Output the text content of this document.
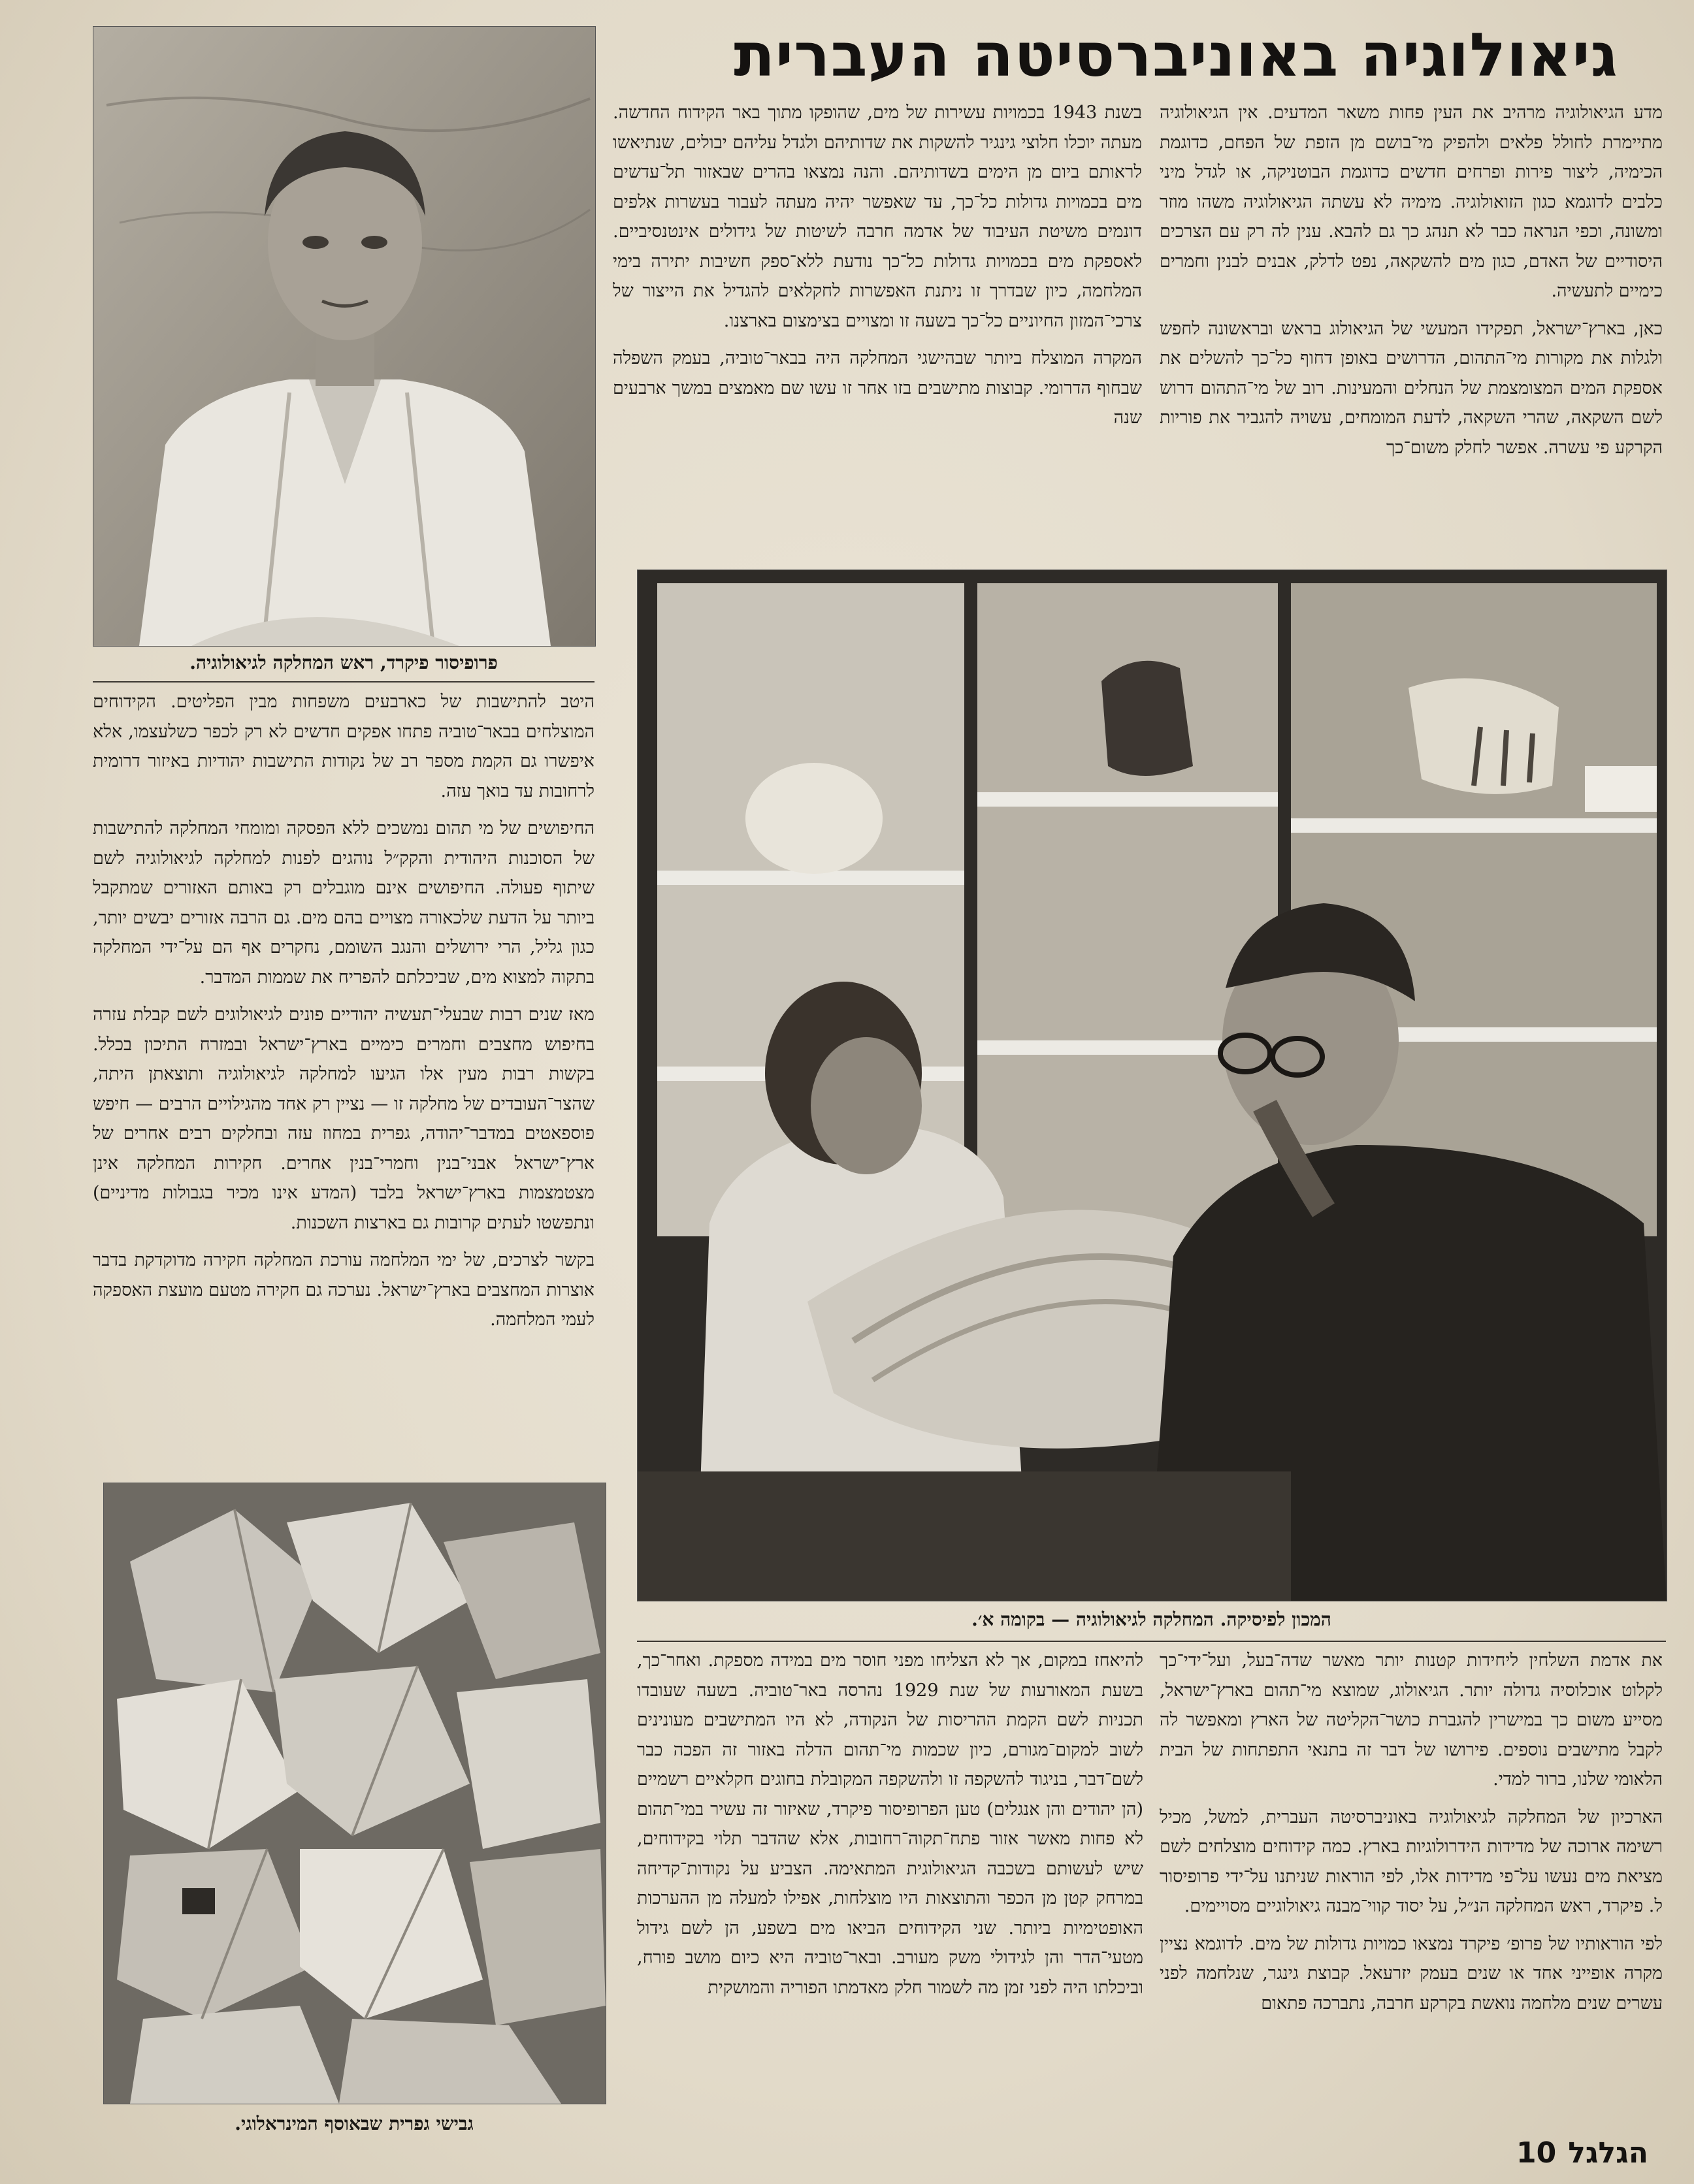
גיאולוגיה באוניברסיטה העברית

מדע הגיאולוגיה מרהיב את העין פחות משאר המדעים. אין הגיאולוגיה מתיימרת לחולל פלאים ולהפיק מי־בושם מן הזפת של הפחם, כדוגמת הכימיה, ליצור פירות ופרחים חדשים כדוגמת הבוטניקה, או לגדל מיני כלבים לדוגמא כגון הזואולוגיה. מימיה לא עשתה הגיאולוגיה משהו מוזר ומשונה, וכפי הנראה כבר לא תנהג כך גם להבא. ענין לה רק עם הצרכים היסודיים של האדם, כגון מים להשקאה, נפט לדלק, אבנים לבנין וחמרים כימיים לתעשיה.

כאן, בארץ־ישראל, תפקידו המעשי של הגיאולוג בראש ובראשונה לחפש ולגלות את מקורות מי־התהום, הדרושים באופן דחוף כל־כך להשלים את אספקת המים המצומצמת של הנחלים והמעינות. רוב של מי־התהום דרוש לשם השקאה, שהרי השקאה, לדעת המומחים, עשויה להגביר את פוריות הקרקע פי עשרה. אפשר לחלק משום־כך

בשנת 1943 בכמויות עשירות של מים, שהופקו מתוך באר הקידוח החדשה. מעתה יוכלו חלוצי גינגיר להשקות את שדותיהם ולגדל עליהם יבולים, שנתיאשו לראותם ביום מן הימים בשדותיהם. והנה נמצאו בהרים שבאזור תל־עדשים מים בכמויות גדולות כל־כך, עד שאפשר יהיה מעתה לעבור בעשרות אלפים דונמים משיטת העיבוד של אדמה חרבה לשיטות של גידולים אינטנסיביים. לאספקת מים בכמויות גדולות כל־כך נודעת ללא־ספק חשיבות יתירה בימי המלחמה, כיון שבדרך זו ניתנת האפשרות לחקלאים להגדיל את הייצור של צרכי־המזון החיוניים כל־כך בשעה זו ומצויים בצימצום בארצנו.

המקרה המוצלח ביותר שבהישגי המחלקה היה בבאר־טוביה, בעמק השפלה שבחוף הדרומי. קבוצות מתישבים בזו אחר זו עשו שם מאמצים במשך ארבעים שנה

פרופיסור פיקרד, ראש המחלקה לגיאולוגיה.

היטב להתישבות של כארבעים משפחות מבין הפליטים. הקידוחים המוצלחים בבאר־טוביה פתחו אפקים חדשים לא רק לכפר כשלעצמו, אלא איפשרו גם הקמת מספר רב של נקודות התישבות יהודיות באיזור דרומית לרחובות עד בואך עזה.

החיפושים של מי תהום נמשכים ללא הפסקה ומומחי המחלקה להתישבות של הסוכנות היהודית והקק״ל נוהגים לפנות למחלקה לגיאולוגיה לשם שיתוף פעולה. החיפושים אינם מוגבלים רק באותם האזורים שמתקבל ביותר על הדעת שלכאורה מצויים בהם מים. גם הרבה אזורים יבשים יותר, כגון גליל, הרי ירושלים והנגב השומם, נחקרים אף הם על־ידי המחלקה בתקוה למצוא מים, שביכלתם להפריח את שממות המדבר.

מאז שנים רבות שבעלי־תעשיה יהודיים פונים לגיאולוגים לשם קבלת עזרה בחיפוש מחצבים וחמרים כימיים בארץ־ישראל ובמזרח התיכון בכלל. בקשות רבות מעין אלו הגיעו למחלקה לגיאולוגיה ותוצאתן היתה, שהצר־העובדים של מחלקה זו — נציין רק אחד מהגילויים הרבים — חיפש פוספאטים במדבר־יהודה, גפרית במחוז עזה ובחלקים רבים אחרים של ארץ־ישראל אבני־בנין וחמרי־בנין אחרים. חקירות המחלקה אינן מצטמצמות בארץ־ישראל בלבד (המדע אינו מכיר בגבולות מדיניים) ונתפשטו לעתים קרובות גם בארצות השכנות.

בקשר לצרכים, של ימי המלחמה עורכת המחלקה חקירה מדוקדקת בדבר אוצרות המחצבים בארץ־ישראל. נערכה גם חקירה מטעם מועצת האספקה לעמי המלחמה.

המכון לפיסיקה. המחלקה לגיאולוגיה — בקומה א׳.

את אדמת השלחין ליחידות קטנות יותר מאשר שדה־בעל, ועל־ידי־כך לקלוט אוכלוסיה גדולה יותר. הגיאולוג, שמוצא מי־תהום בארץ־ישראל, מסייע משום כך במישרין להגברת כושר־הקליטה של הארץ ומאפשר לה לקבל מתישבים נוספים. פירושו של דבר זה בתנאי התפתחות של הבית הלאומי שלנו, ברור למדי.

הארכיון של המחלקה לגיאולוגיה באוניברסיטה העברית, למשל, מכיל רשימה ארוכה של מדידות הידרולוגיות בארץ. כמה קידוחים מוצלחים לשם מציאת מים נעשו על־פי מדידות אלו, לפי הוראות שניתנו על־ידי פרופיסור ל. פיקרד, ראש המחלקה הנ״ל, על יסוד קווי־מבנה גיאולוגיים מסויימים.

לפי הוראותיו של פרופ׳ פיקרד נמצאו כמויות גדולות של מים. לדוגמא נציין מקרה אופייני אחד או שנים בעמק יזרעאל. קבוצת גינגר, שנלחמה לפני עשרים שנים מלחמה נואשת בקרקע חרבה, נתברכה פתאום

להיאחז במקום, אך לא הצליחו מפני חוסר מים במידה מספקת. ואחר־כך, בשעת המאורעות של שנת 1929 נהרסה באר־טוביה. בשעה שעובדו תכניות לשם הקמת ההריסות של הנקודה, לא היו המתישבים מעונינים לשוב למקום־מגורם, כיון שכמות מי־תהום הדלה באזור זה הפכה כבר לשם־דבר, בניגוד להשקפה זו ולהשקפה המקובלת בחוגים חקלאיים רשמיים (הן יהודים והן אנגלים) טען הפרופיסור פיקרד, שאיזור זה עשיר במי־תהום לא פחות מאשר אזור פתח־תקוה־רחובות, אלא שהדבר תלוי בקידוחים, שיש לעשותם בשכבה הגיאולוגית המתאימה. הצביע על נקודות־קדיחה במרחק קטן מן הכפר והתוצאות היו מוצלחות, אפילו למעלה מן ההערכות האופטימיות ביותר. שני הקידוחים הביאו מים בשפע, הן לשם גידול מטעי־הדר והן לגידולי משק מעורב. ובאר־טוביה היא כיום מושב פורח, וביכלתו היה לפני זמן מה לשמור חלק מאדמתו הפוריה והמושקית

גבישי גפרית שבאוסף המינראלוגי.
הגלגל10
